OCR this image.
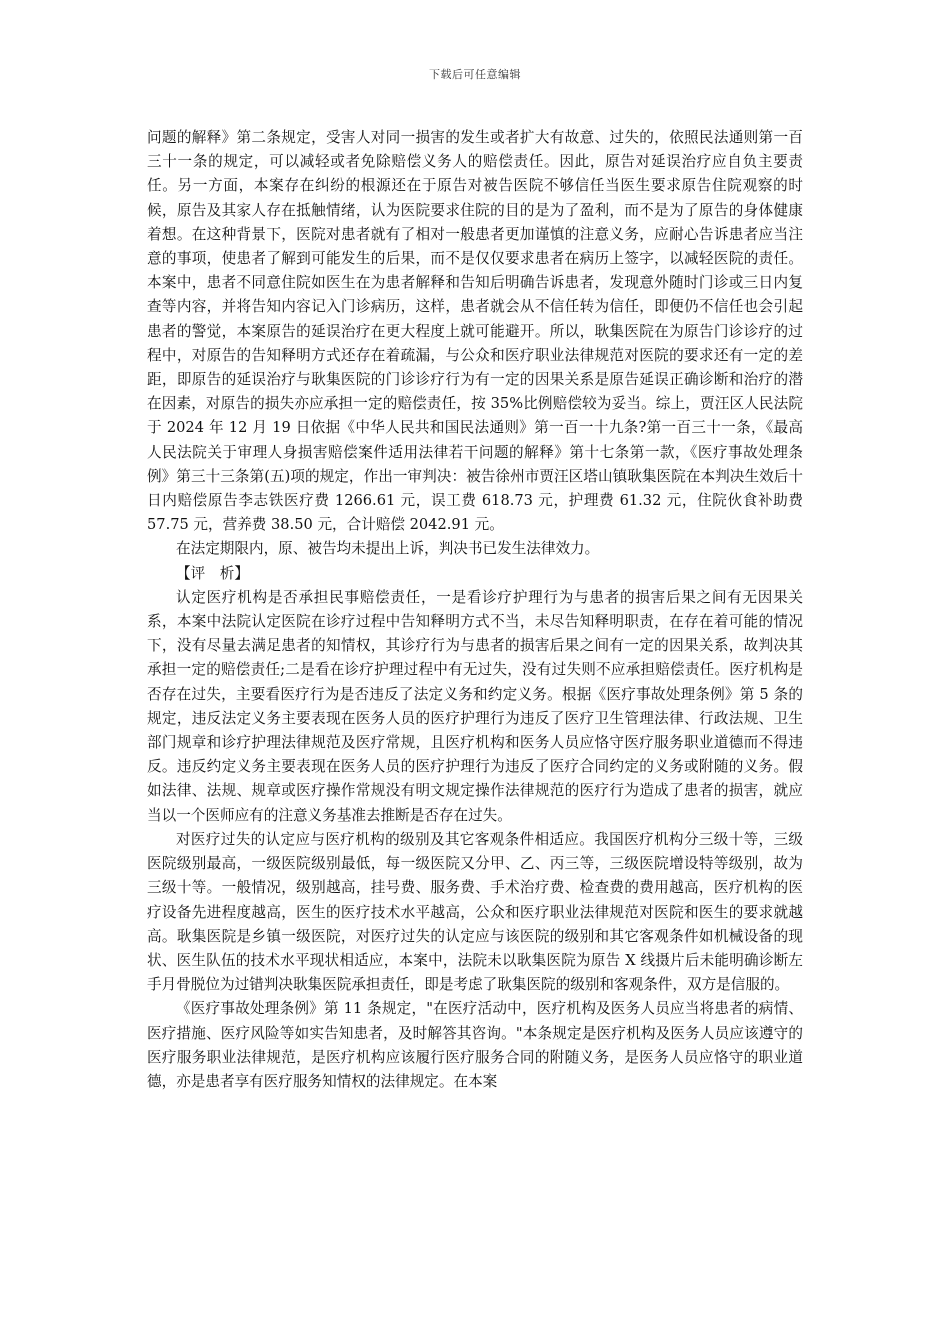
下载后可任意编辑

问题的解释》第二条规定，受害人对同一损害的发生或者扩大有故意、过失的，依照民法通则第一百三十一条的规定，可以减轻或者免除赔偿义务人的赔偿责任。因此，原告对延误治疗应自负主要责任。另一方面，本案存在纠纷的根源还在于原告对被告医院不够信任当医生要求原告住院观察的时候，原告及其家人存在抵触情绪，认为医院要求住院的目的是为了盈利，而不是为了原告的身体健康着想。在这种背景下，医院对患者就有了相对一般患者更加谨慎的注意义务，应耐心告诉患者应当注意的事项，使患者了解到可能发生的后果，而不是仅仅要求患者在病历上签字，以减轻医院的责任。本案中，患者不同意住院如医生在为患者解释和告知后明确告诉患者，发现意外随时门诊或三日内复查等内容，并将告知内容记入门诊病历，这样，患者就会从不信任转为信任，即便仍不信任也会引起患者的警觉，本案原告的延误治疗在更大程度上就可能避开。所以，耿集医院在为原告门诊诊疗的过程中，对原告的告知释明方式还存在着疏漏，与公众和医疗职业法律规范对医院的要求还有一定的差距，即原告的延误治疗与耿集医院的门诊诊疗行为有一定的因果关系是原告延误正确诊断和治疗的潜在因素，对原告的损失亦应承担一定的赔偿责任，按 35%比例赔偿较为妥当。综上，贾汪区人民法院于 2024 年 12 月 19 日依据《中华人民共和国民法通则》第一百一十九条?第一百三十一条，《最高人民法院关于审理人身损害赔偿案件适用法律若干问题的解释》第十七条第一款，《医疗事故处理条例》第三十三条第(五)项的规定，作出一审判决：被告徐州市贾汪区塔山镇耿集医院在本判决生效后十日内赔偿原告李志铁医疗费 1266.61 元，误工费 618.73 元，护理费 61.32 元，住院伙食补助费 57.75 元，营养费 38.50 元，合计赔偿 2042.91 元。

在法定期限内，原、被告均未提出上诉，判决书已发生法律效力。

【评　析】

认定医疗机构是否承担民事赔偿责任，一是看诊疗护理行为与患者的损害后果之间有无因果关系，本案中法院认定医院在诊疗过程中告知释明方式不当，未尽告知释明职责，在存在着可能的情况下，没有尽量去满足患者的知情权，其诊疗行为与患者的损害后果之间有一定的因果关系，故判决其承担一定的赔偿责任;二是看在诊疗护理过程中有无过失，没有过失则不应承担赔偿责任。医疗机构是否存在过失，主要看医疗行为是否违反了法定义务和约定义务。根据《医疗事故处理条例》第 5 条的规定，违反法定义务主要表现在医务人员的医疗护理行为违反了医疗卫生管理法律、行政法规、卫生部门规章和诊疗护理法律规范及医疗常规，且医疗机构和医务人员应恪守医疗服务职业道德而不得违反。违反约定义务主要表现在医务人员的医疗护理行为违反了医疗合同约定的义务或附随的义务。假如法律、法规、规章或医疗操作常规没有明文规定操作法律规范的医疗行为造成了患者的损害，就应当以一个医师应有的注意义务基准去推断是否存在过失。

对医疗过失的认定应与医疗机构的级别及其它客观条件相适应。我国医疗机构分三级十等，三级医院级别最高，一级医院级别最低，每一级医院又分甲、乙、丙三等，三级医院增设特等级别，故为三级十等。一般情况，级别越高，挂号费、服务费、手术治疗费、检查费的费用越高，医疗机构的医疗设备先进程度越高，医生的医疗技术水平越高，公众和医疗职业法律规范对医院和医生的要求就越高。耿集医院是乡镇一级医院，对医疗过失的认定应与该医院的级别和其它客观条件如机械设备的现状、医生队伍的技术水平现状相适应，本案中，法院未以耿集医院为原告 X 线摄片后未能明确诊断左手月骨脱位为过错判决耿集医院承担责任，即是考虑了耿集医院的级别和客观条件，双方是信服的。

《医疗事故处理条例》第 11 条规定，"在医疗活动中，医疗机构及医务人员应当将患者的病情、医疗措施、医疗风险等如实告知患者，及时解答其咨询。"本条规定是医疗机构及医务人员应该遵守的医疗服务职业法律规范，是医疗机构应该履行医疗服务合同的附随义务，是医务人员应恪守的职业道德，亦是患者享有医疗服务知情权的法律规定。在本案
